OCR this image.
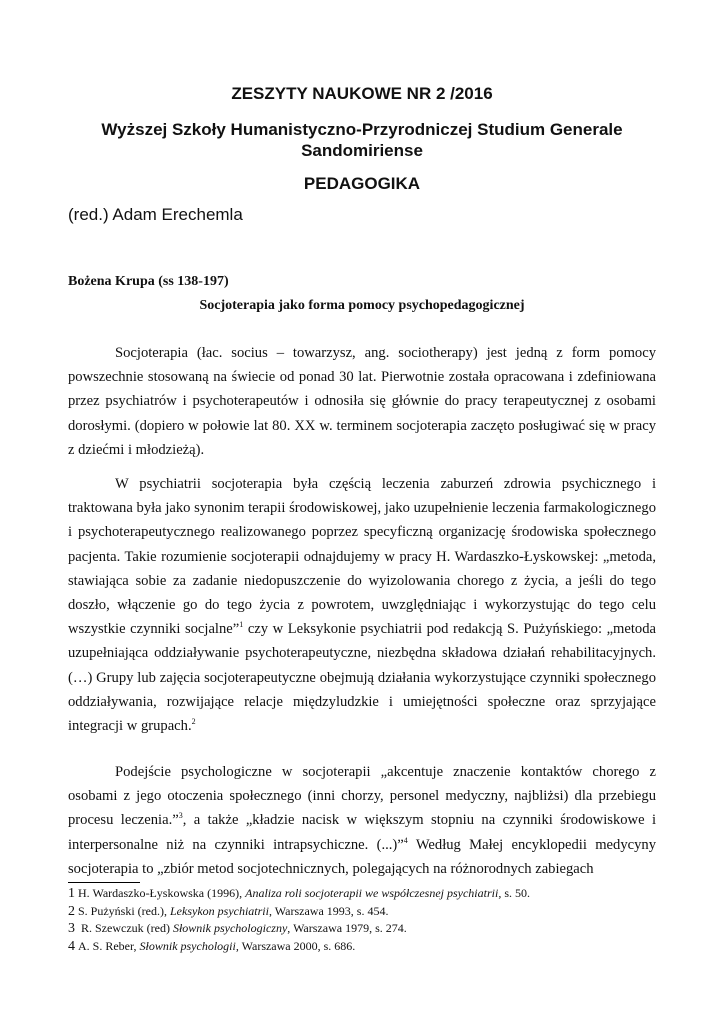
ZESZYTY NAUKOWE NR 2 /2016
Wyższej Szkoły Humanistyczno-Przyrodniczej Studium Generale Sandomiriense
PEDAGOGIKA
(red.) Adam Erechemla
Bożena Krupa (ss 138-197)
Socjoterapia jako forma pomocy psychopedagogicznej

Socjoterapia (łac. socius – towarzysz, ang. sociotherapy) jest jedną z form pomocy powszechnie stosowaną na świecie od ponad 30 lat. Pierwotnie została opracowana i zdefiniowana przez psychiatrów i psychoterapeutów i odnosiła się głównie do pracy terapeutycznej z osobami dorosłymi. (dopiero w połowie lat 80. XX w. terminem socjoterapia zaczęto posługiwać się w pracy z dziećmi i młodzieżą).

W psychiatrii socjoterapia była częścią leczenia zaburzeń zdrowia psychicznego i traktowana była jako synonim terapii środowiskowej, jako uzupełnienie leczenia farmakologicznego i psychoterapeutycznego realizowanego poprzez specyficzną organizację środowiska społecznego pacjenta. Takie rozumienie socjoterapii odnajdujemy w pracy H. Wardaszko-Łyskowskej: „metoda, stawiająca sobie za zadanie niedopuszczenie do wyizolowania chorego z życia, a jeśli do tego doszło, włączenie go do tego życia z powrotem, uwzględniając i wykorzystując do tego celu wszystkie czynniki socjalne”$^1$ czy w Leksykonie psychiatrii pod redakcją S. Pużyńskiego: „metoda uzupełniająca oddziaływanie psychoterapeutyczne, niezbędna składowa działań rehabilitacyjnych. (…) Grupy lub zajęcia socjoterapeutyczne obejmują działania wykorzystujące czynniki społecznego oddziaływania, rozwijające relacje międzyludzkie i umiejętności społeczne oraz sprzyjające integracji w grupach.$^2$

Podejście psychologiczne w socjoterapii „akcentuje znaczenie kontaktów chorego z osobami z jego otoczenia społecznego (inni chorzy, personel medyczny, najbliżsi) dla przebiegu procesu leczenia.”$^3$, a także „kładzie nacisk w większym stopniu na czynniki środowiskowe i interpersonalne niż na czynniki intrapsychiczne. (...)”$^4$ Według Małej encyklopedii medycyny socjoterapia to „zbiór metod socjotechnicznych, polegających na różnorodnych zabiegach

1 H. Wardaszko-Łyskowska (1996), Analiza roli socjoterapii we współczesnej psychiatrii, s. 50.
2 S. Pużyński (red.), Leksykon psychiatrii, Warszawa 1993, s. 454.
3 R. Szewczuk (red) Słownik psychologiczny, Warszawa 1979, s. 274.
4 A. S. Reber, Słownik psychologii, Warszawa 2000, s. 686.
